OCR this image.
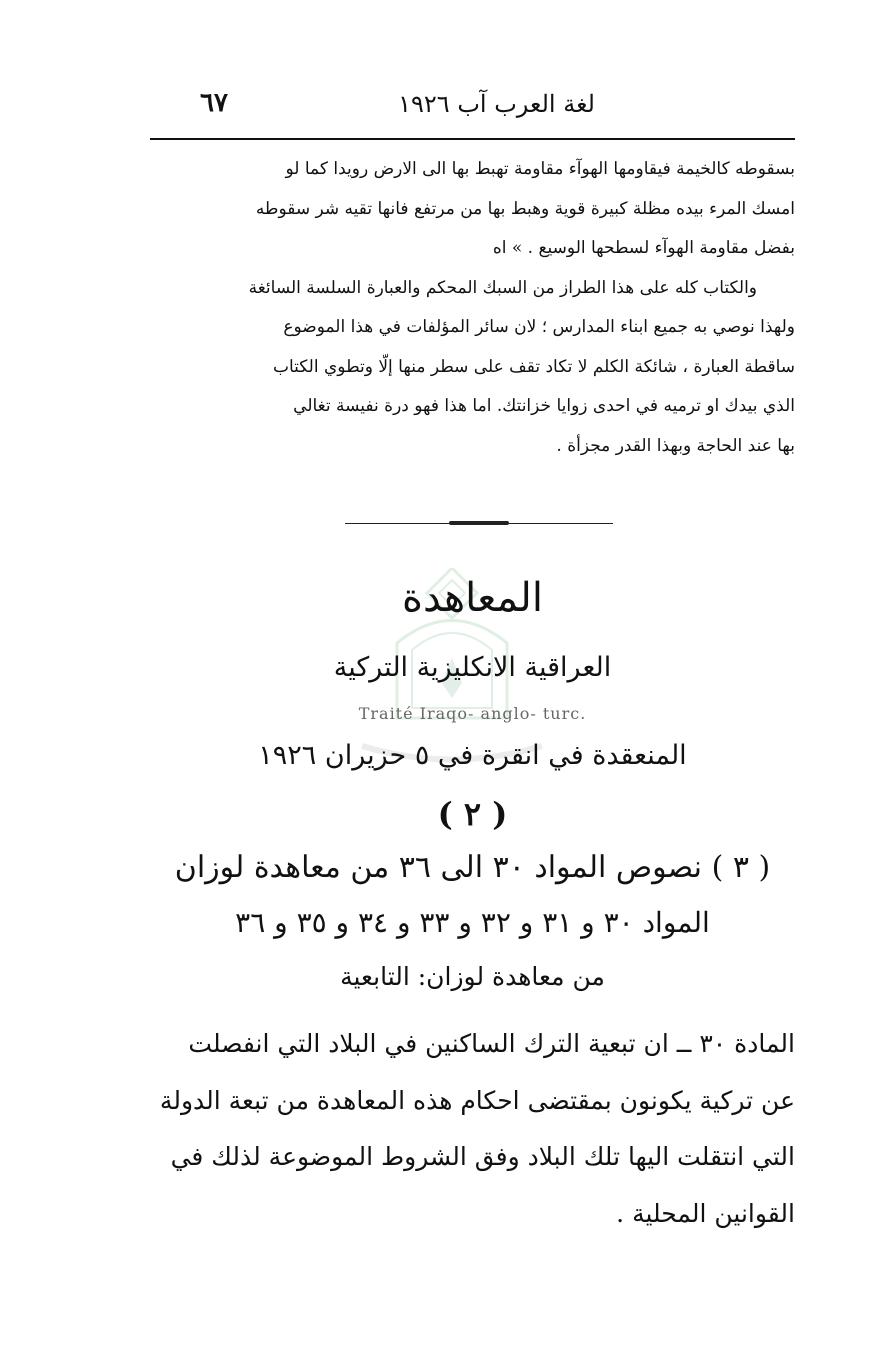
لغة العرب آب ١٩٢٦
٦٧

بسقوطه كالخيمة فيقاومها الهوآء مقاومة تهبط بها الى الارض رويدا كما لو

امسك المرء بيده مظلة كبيرة قوية وهبط بها من مرتفع فانها تقيه شر سقوطه

بفضل مقاومة الهوآء لسطحها الوسيع . » اه

والكتاب كله على هذا الطراز من السبك المحكم والعبارة السلسة السائغة

ولهذا نوصي به جميع ابناء المدارس ؛ لان سائر المؤلفات في هذا الموضوع

ساقطة العبارة ، شائكة الكلم لا تكاد تقف على سطر منها إلّا وتطوي الكتاب

الذي بيدك او ترميه في احدى زوايا خزانتك. اما هذا فهو درة نفيسة تغالي

بها عند الحاجة وبهذا القدر مجزأة .

المعاهدة
العراقية الانكليزية التركية
Traité Iraqo- anglo- turc.
المنعقدة في انقرة في ٥ حزيران ١٩٢٦
( ٢ )
( ٣ ) نصوص المواد ٣٠ الى ٣٦ من معاهدة لوزان
المواد ٣٠ و ٣١ و ٣٢ و ٣٣ و ٣٤ و ٣٥ و ٣٦
من معاهدة لوزان: التابعية

المادة ٣٠ ــ ان تبعية الترك الساكنين في البلاد التي انفصلت

عن تركية يكونون بمقتضى احكام هذه المعاهدة من تبعة الدولة

التي انتقلت اليها تلك البلاد وفق الشروط الموضوعة لذلك في

القوانين المحلية .
